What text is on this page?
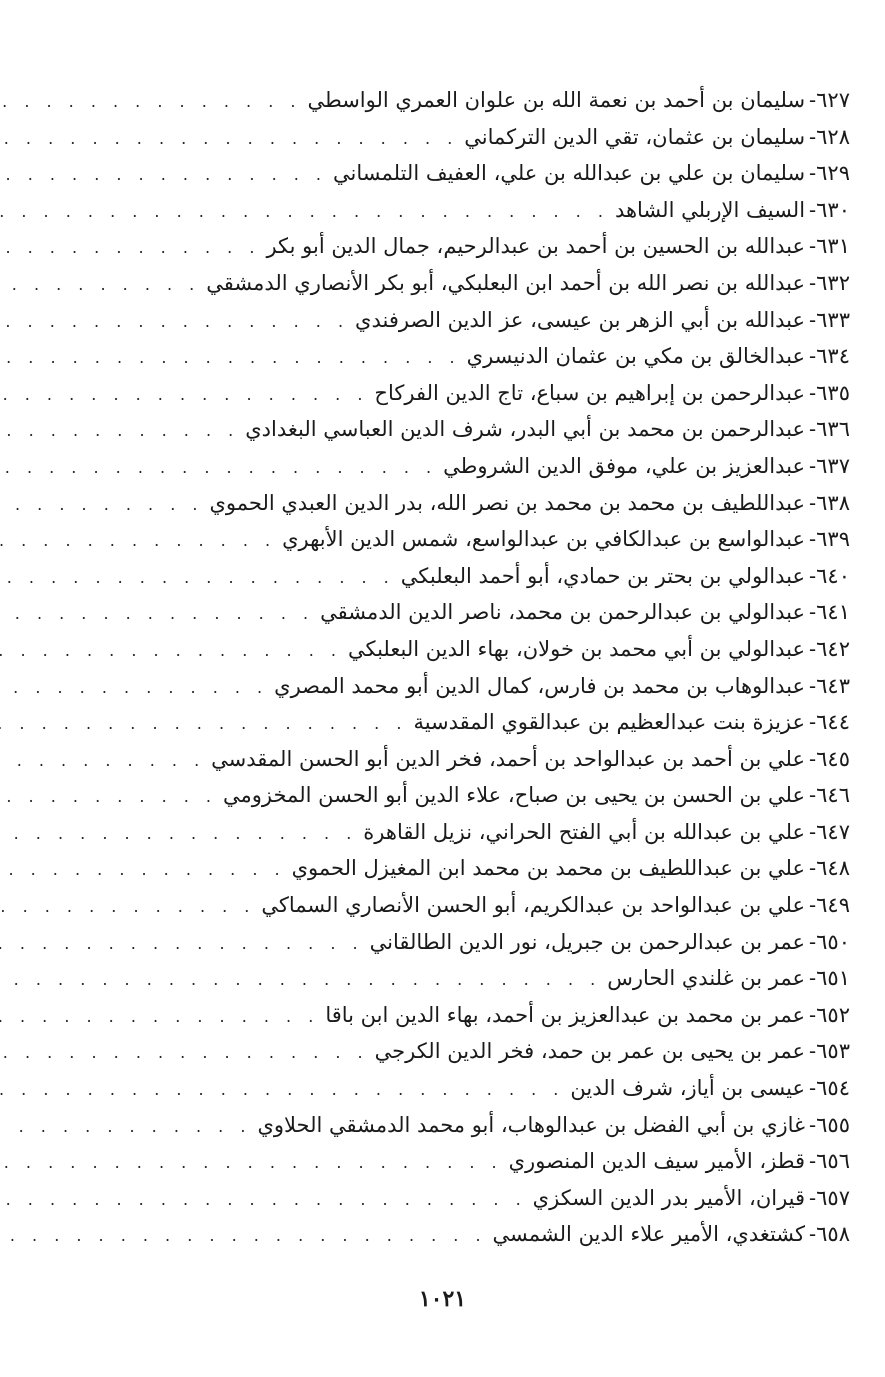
٦٢٧
-
سليمان بن أحمد بن نعمة الله بن علوان العمري الواسطي
. . .
٦٢٨
-
سليمان بن عثمان، تقي الدين التركماني
. . .
٦٢٩
-
سليمان بن علي بن عبدالله بن علي، العفيف التلمساني
. . .
٦٣٠
-
السيف الإربلي الشاهد
. . .
٦٣١
-
عبدالله بن الحسين بن أحمد بن عبدالرحيم، جمال الدين أبو بكر
. . .
٦٣٢
-
عبدالله بن نصر الله بن أحمد ابن البعلبكي، أبو بكر الأنصاري الدمشقي
. . .
٦٣٣
-
عبدالله بن أبي الزهر بن عيسى، عز الدين الصرفندي
. . .
٦٣٤
-
عبدالخالق بن مكي بن عثمان الدنيسري
. . .
٦٣٥
-
عبدالرحمن بن إبراهيم بن سباع، تاج الدين الفركاح
. . .
٦٣٦
-
عبدالرحمن بن محمد بن أبي البدر، شرف الدين العباسي البغدادي
. . .
٦٣٧
-
عبدالعزيز بن علي، موفق الدين الشروطي
. . .
٦٣٨
-
عبداللطيف بن محمد بن محمد بن نصر الله، بدر الدين العبدي الحموي
. . .
٦٣٩
-
عبدالواسع بن عبدالكافي بن عبدالواسع، شمس الدين الأبهري
. . .
٦٤٠
-
عبدالولي بن بحتر بن حمادي، أبو أحمد البعلبكي
. . .
٦٤١
-
عبدالولي بن عبدالرحمن بن محمد، ناصر الدين الدمشقي
. . .
٦٤٢
-
عبدالولي بن أبي محمد بن خولان، بهاء الدين البعلبكي
. . .
٦٤٣
-
عبدالوهاب بن محمد بن فارس، كمال الدين أبو محمد المصري
. . .
٦٤٤
-
عزيزة بنت عبدالعظيم بن عبدالقوي المقدسية
. . .
٦٤٥
-
علي بن أحمد بن عبدالواحد بن أحمد، فخر الدين أبو الحسن المقدسي
. . .
٦٤٦
-
علي بن الحسن بن يحيى بن صباح، علاء الدين أبو الحسن المخزومي
. . .
٦٤٧
-
علي بن عبدالله بن أبي الفتح الحراني، نزيل القاهرة
. . .
٦٤٨
-
علي بن عبداللطيف بن محمد بن محمد ابن المغيزل الحموي
. . .
٦٤٩
-
علي بن عبدالواحد بن عبدالكريم، أبو الحسن الأنصاري السماكي
. . .
٦٥٠
-
عمر بن عبدالرحمن بن جبريل، نور الدين الطالقاني
. . .
٦٥١
-
عمر بن غلندي الحارس
. . .
٦٥٢
-
عمر بن محمد بن عبدالعزيز بن أحمد، بهاء الدين ابن باقا
. . .
٦٥٣
-
عمر بن يحيى بن عمر بن حمد، فخر الدين الكرجي
. . .
٦٥٤
-
عيسى بن أياز، شرف الدين
. . .
٦٥٥
-
غازي بن أبي الفضل بن عبدالوهاب، أبو محمد الدمشقي الحلاوي
. . .
٦٥٦
-
قطز، الأمير سيف الدين المنصوري
. . .
٦٥٧
-
قيران، الأمير بدر الدين السكزي
. . .
٦٥٨
-
كشتغدي، الأمير علاء الدين الشمسي
. . .
١٠٢١
